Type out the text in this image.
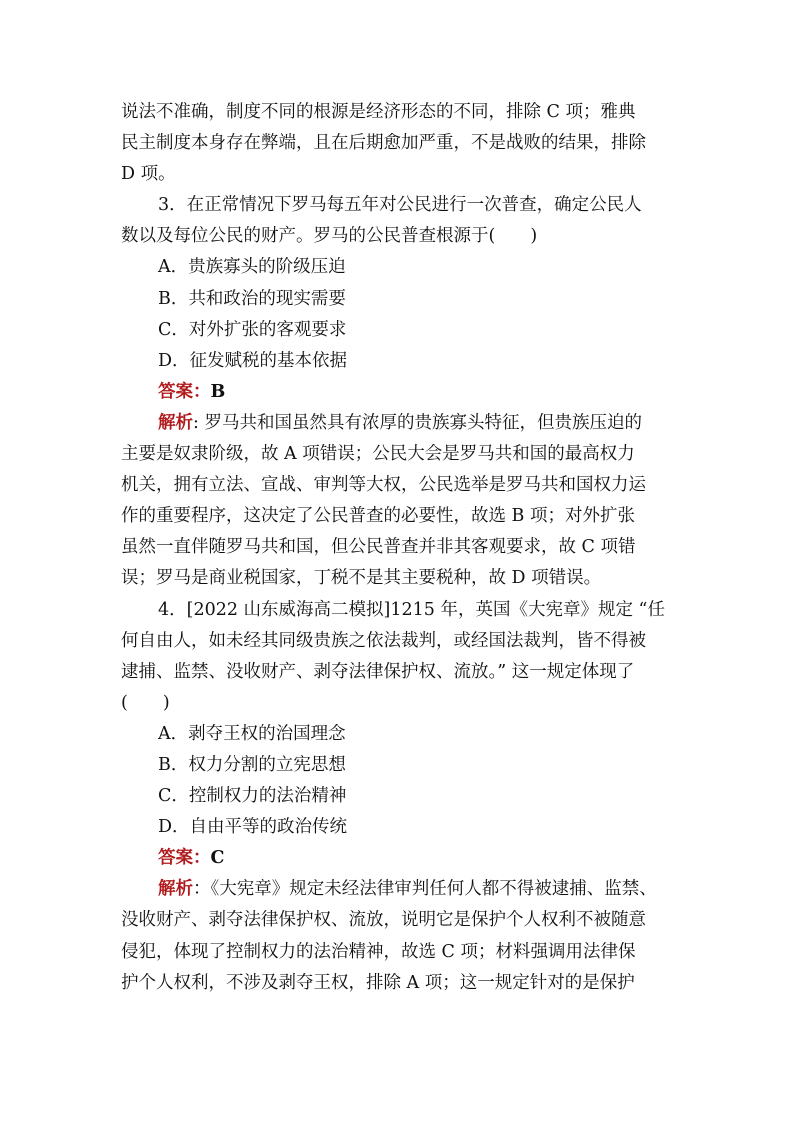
说法不准确，制度不同的根源是经济形态的不同，排除 C 项；雅典
民主制度本身存在弊端，且在后期愈加严重，不是战败的结果，排除
D 项。
3．在正常情况下罗马每五年对公民进行一次普查，确定公民人
数以及每位公民的财产。罗马的公民普查根源于(　　)
A．贵族寡头的阶级压迫
B．共和政治的现实需要
C．对外扩张的客观要求
D．征发赋税的基本依据
答案：B
解析: 罗马共和国虽然具有浓厚的贵族寡头特征，但贵族压迫的
主要是奴隶阶级，故 A 项错误；公民大会是罗马共和国的最高权力
机关，拥有立法、宣战、审判等大权，公民选举是罗马共和国权力运
作的重要程序，这决定了公民普查的必要性，故选 B 项；对外扩张
虽然一直伴随罗马共和国，但公民普查并非其客观要求，故 C 项错
误；罗马是商业税国家，丁税不是其主要税种，故 D 项错误。
4．[2022 山东威海高二模拟]1215 年，英国《大宪章》规定 “任
何自由人，如未经其同级贵族之依法裁判，或经国法裁判，皆不得被
逮捕、监禁、没收财产、剥夺法律保护权、流放。” 这一规定体现了
(　　)
A．剥夺王权的治国理念
B．权力分割的立宪思想
C．控制权力的法治精神
D．自由平等的政治传统
答案：C
解析：《大宪章》规定未经法律审判任何人都不得被逮捕、监禁、
没收财产、剥夺法律保护权、流放，说明它是保护个人权利不被随意
侵犯，体现了控制权力的法治精神，故选 C 项；材料强调用法律保
护个人权利，不涉及剥夺王权，排除 A 项；这一规定针对的是保护
